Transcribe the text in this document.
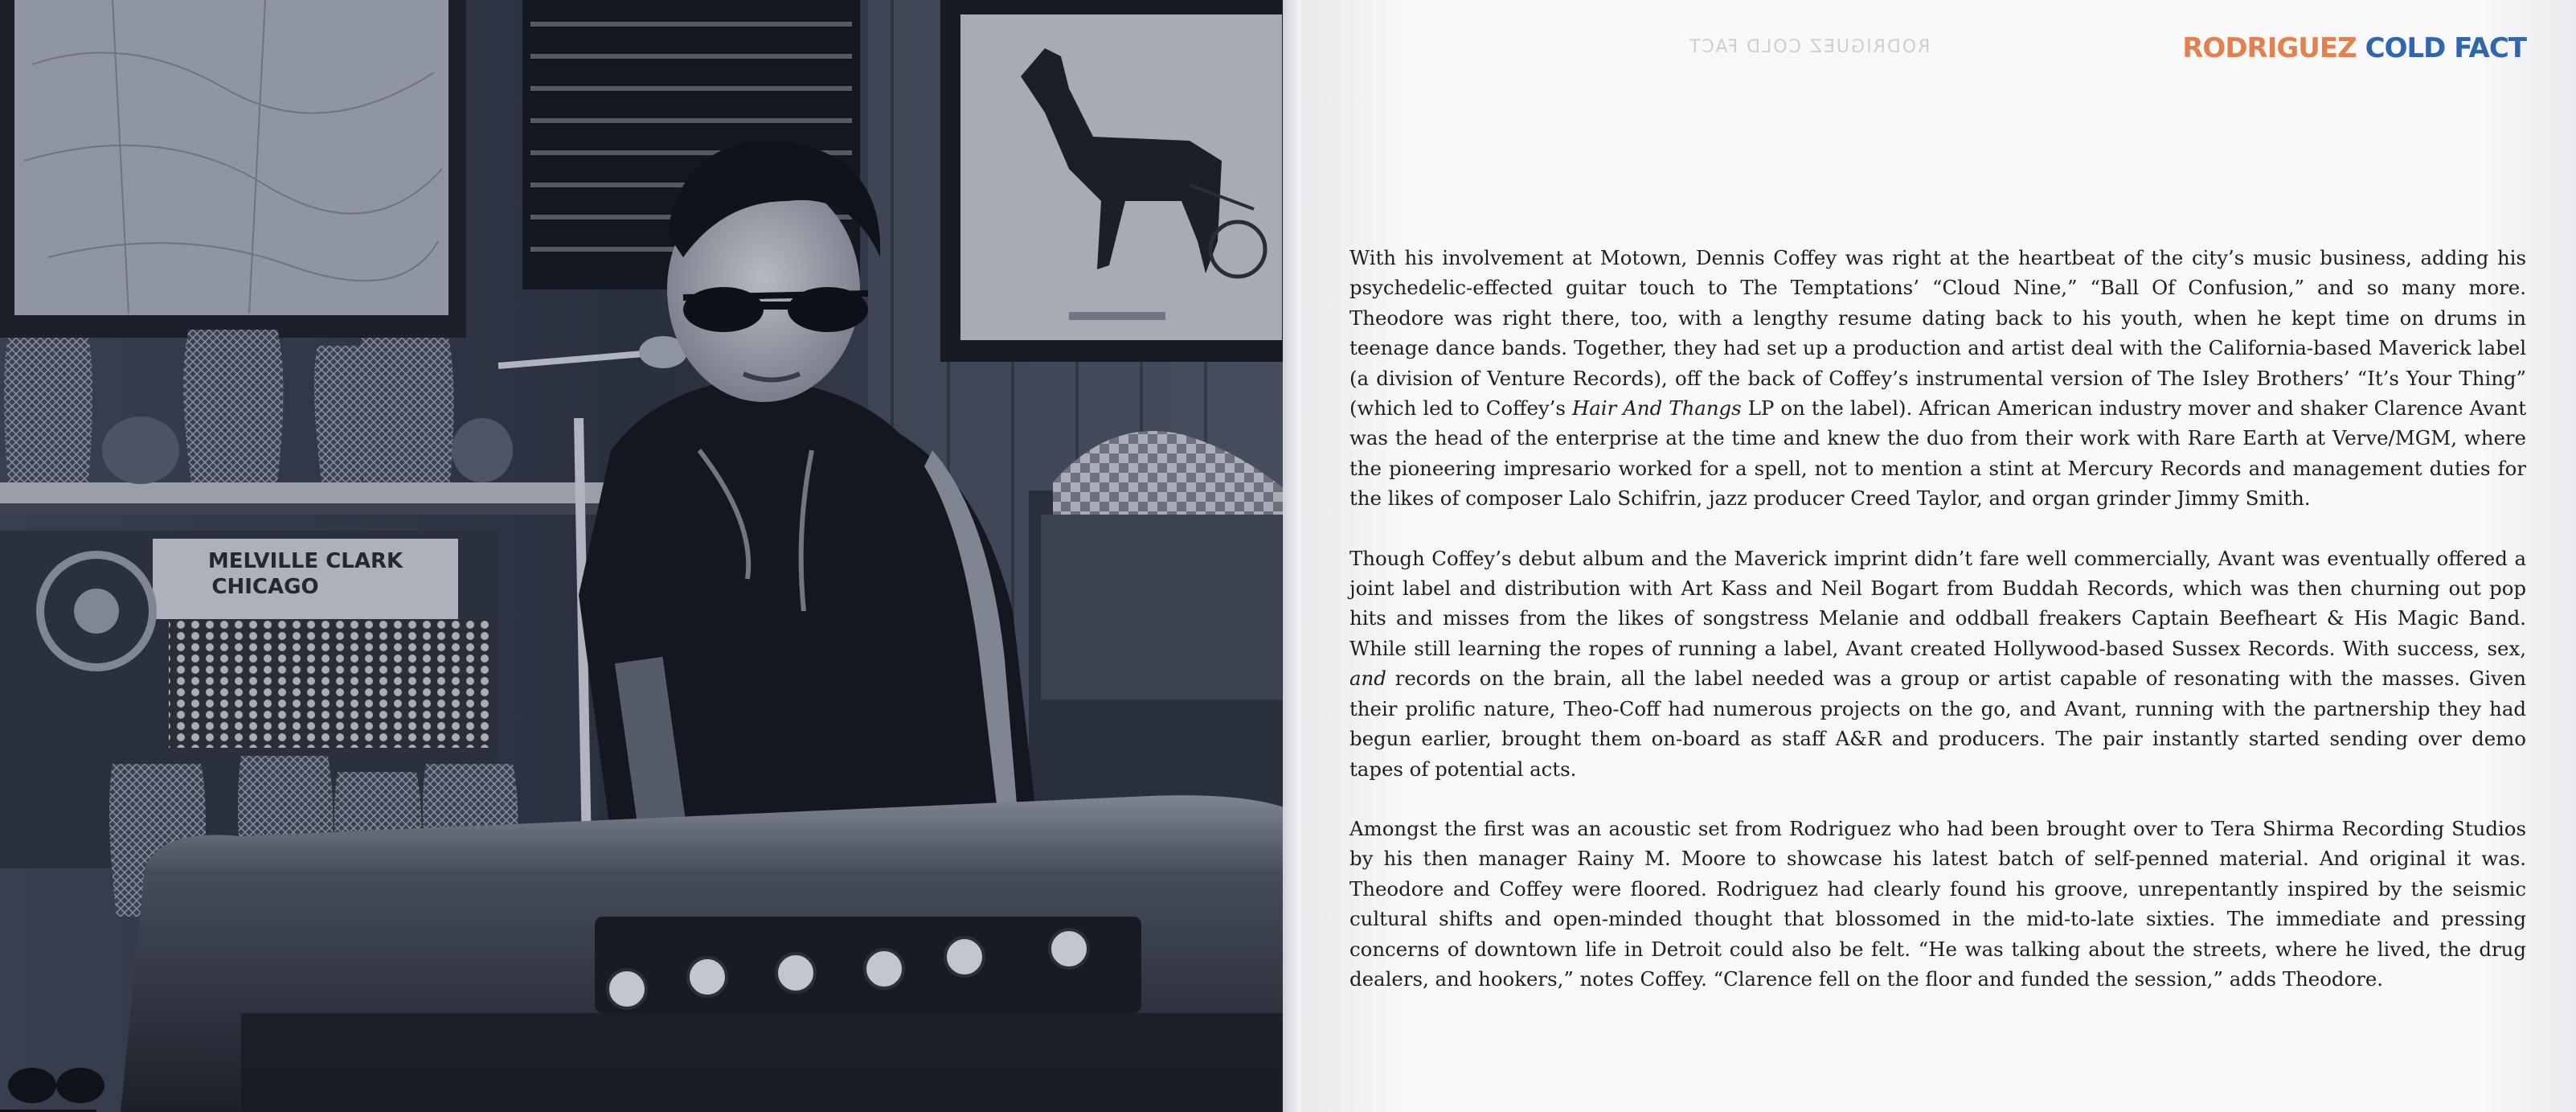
MELVILLE CLARK
CHICAGO
RODRIGUEZ COLD FACT	RODRIGUEZ COLD FACT

With his involvement at Motown, Dennis Coffey was right at the heartbeat of the city’s music business, adding his psychedelic-effected guitar touch to The Temptations’ “Cloud Nine,” “Ball Of Confusion,” and so many more. Theodore was right there, too, with a lengthy resume dating back to his youth, when he kept time on drums in teenage dance bands. Together, they had set up a production and artist deal with the California-based Maverick label (a division of Venture Records), off the back of Coffey’s instrumental version of The Isley Brothers’ “It’s Your Thing” (which led to Coffey’s Hair And Thangs LP on the label). African American industry mover and shaker Clarence Avant was the head of the enterprise at the time and knew the duo from their work with Rare Earth at Verve/MGM, where the pioneering impresario worked for a spell, not to mention a stint at Mercury Records and management duties for the likes of composer Lalo Schifrin, jazz producer Creed Taylor, and organ grinder Jimmy Smith.

Though Coffey’s debut album and the Maverick imprint didn’t fare well commercially, Avant was eventually offered a joint label and distribution with Art Kass and Neil Bogart from Buddah Records, which was then churning out pop hits and misses from the likes of songstress Melanie and oddball freakers Captain Beefheart & His Magic Band. While still learning the ropes of running a label, Avant created Hollywood-based Sussex Records. With success, sex, and records on the brain, all the label needed was a group or artist capable of resonating with the masses. Given their prolific nature, Theo-Coff had numerous projects on the go, and Avant, running with the partnership they had begun earlier, brought them on-board as staff A&R and producers. The pair instantly started sending over demo tapes of potential acts.

Amongst the first was an acoustic set from Rodriguez who had been brought over to Tera Shirma Recording Studios by his then manager Rainy M. Moore to showcase his latest batch of self-penned material. And original it was. Theodore and Coffey were floored. Rodriguez had clearly found his groove, unrepentantly inspired by the seismic cultural shifts and open-minded thought that blossomed in the mid-to-late sixties. The immediate and pressing concerns of downtown life in Detroit could also be felt. “He was talking about the streets, where he lived, the drug dealers, and hookers,” notes Coffey. “Clarence fell on the floor and funded the session,” adds Theodore.
